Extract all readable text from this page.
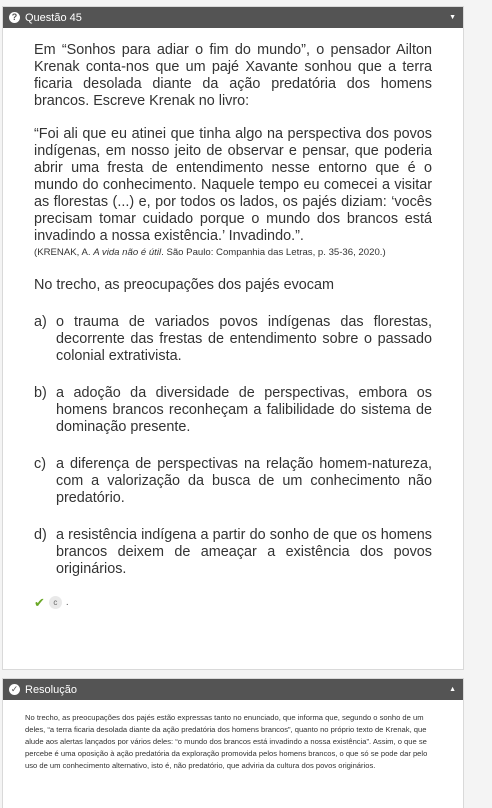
? Questão 45	▼

Em “Sonhos para adiar o fim do mundo”, o pensador Ailton Krenak conta-nos que um pajé Xavante sonhou que a terra ficaria desolada diante da ação predatória dos homens brancos. Escreve Krenak no livro:

“Foi ali que eu atinei que tinha algo na perspectiva dos povos indígenas, em nosso jeito de observar e pensar, que poderia abrir uma fresta de entendimento nesse entorno que é o mundo do conhecimento. Naquele tempo eu comecei a visitar as florestas (...) e, por todos os lados, os pajés diziam: ‘vocês precisam tomar cuidado porque o mundo dos brancos está invadindo a nossa existência.’ Invadindo.”.

(KRENAK, A. A vida não é útil. São Paulo: Companhia das Letras, p. 35-36, 2020.)

No trecho, as preocupações dos pajés evocam

a) o trauma de variados povos indígenas das florestas, decorrente das frestas de entendimento sobre o passado colonial extrativista.
b) a adoção da diversidade de perspectivas, embora os homens brancos reconheçam a falibilidade do sistema de dominação presente.
c) a diferença de perspectivas na relação homem-natureza, com a valorização da busca de um conhecimento não predatório.
d) a resistência indígena a partir do sonho de que os homens brancos deixem de ameaçar a existência dos povos originários.
✔	c .
✓ Resolução	▲

No trecho, as preocupações dos pajés estão expressas tanto no enunciado, que informa que, segundo o sonho de um deles, “a terra ficaria desolada diante da ação predatória dos homens brancos”, quanto no próprio texto de Krenak, que alude aos alertas lançados por vários deles: “o mundo dos brancos está invadindo a nossa existência”. Assim, o que se percebe é uma oposição à ação predatória da exploração promovida pelos homens brancos, o que só se pode dar pelo uso de um conhecimento alternativo, isto é, não predatório, que adviria da cultura dos povos originários.
